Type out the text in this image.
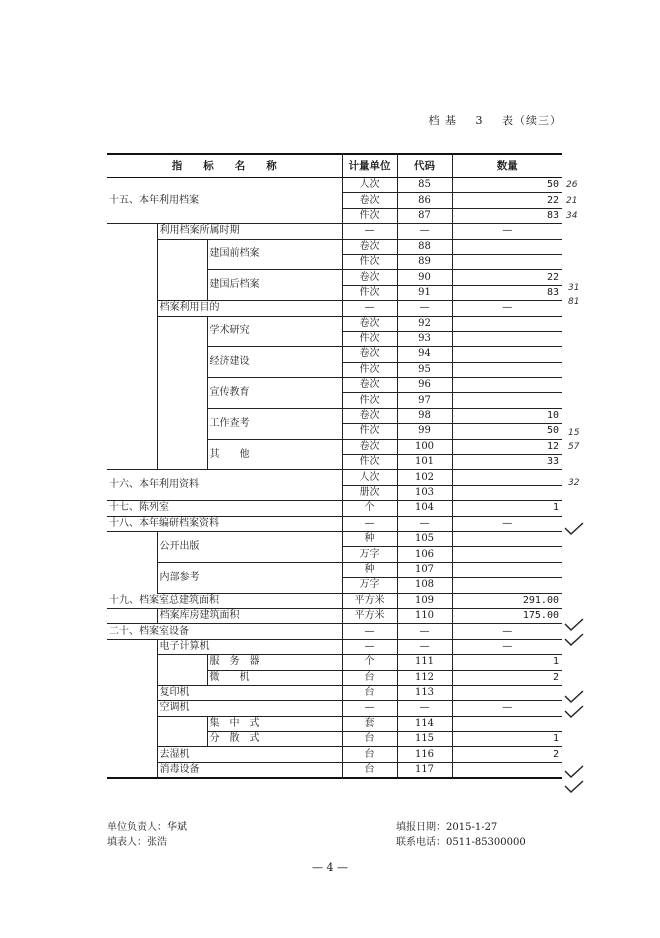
档 基 3 表（续三）
指　　标　　名　　称			计量单位	代码	数量
十五、本年利用档案			人次	85	50
			卷次	86	22
			件次	87	83
	利用档案所属时期		—	—	—
		建国前档案	卷次	88	
			件次	89	
		建国后档案	卷次	90	22
			件次	91	83
	档案利用目的		—	—	—
		学术研究	卷次	92	
			件次	93	
		经济建设	卷次	94	
			件次	95	
		宣传教育	卷次	96	
			件次	97	
		工作查考	卷次	98	10
			件次	99	50
		其　　他	卷次	100	12
			件次	101	33
十六、本年利用资料			人次	102	
			册次	103	
十七、陈列室			个	104	1
十八、本年编研档案资料			—	—	—
	公开出版		种	105	
			万字	106	
	内部参考		种	107	
			万字	108	
十九、档案室总建筑面积			平方米	109	291.00
	档案库房建筑面积		平方米	110	175.00
二十、档案室设备			—	—	—
	电子计算机		—	—	—
		服　务　器	个	111	1
		微　　机	台	112	2
	复印机		台	113	
	空调机		—	—	—
		集　中　式	套	114	
		分　散　式	台	115	1
	去湿机		台	116	2
	消毒设备		台	117	
26
21
34
31
81
15
57
32
单位负责人：华斌
填表人：张浩
填报日期：2015-1-27
联系电话：0511-85300000
— 4 —
